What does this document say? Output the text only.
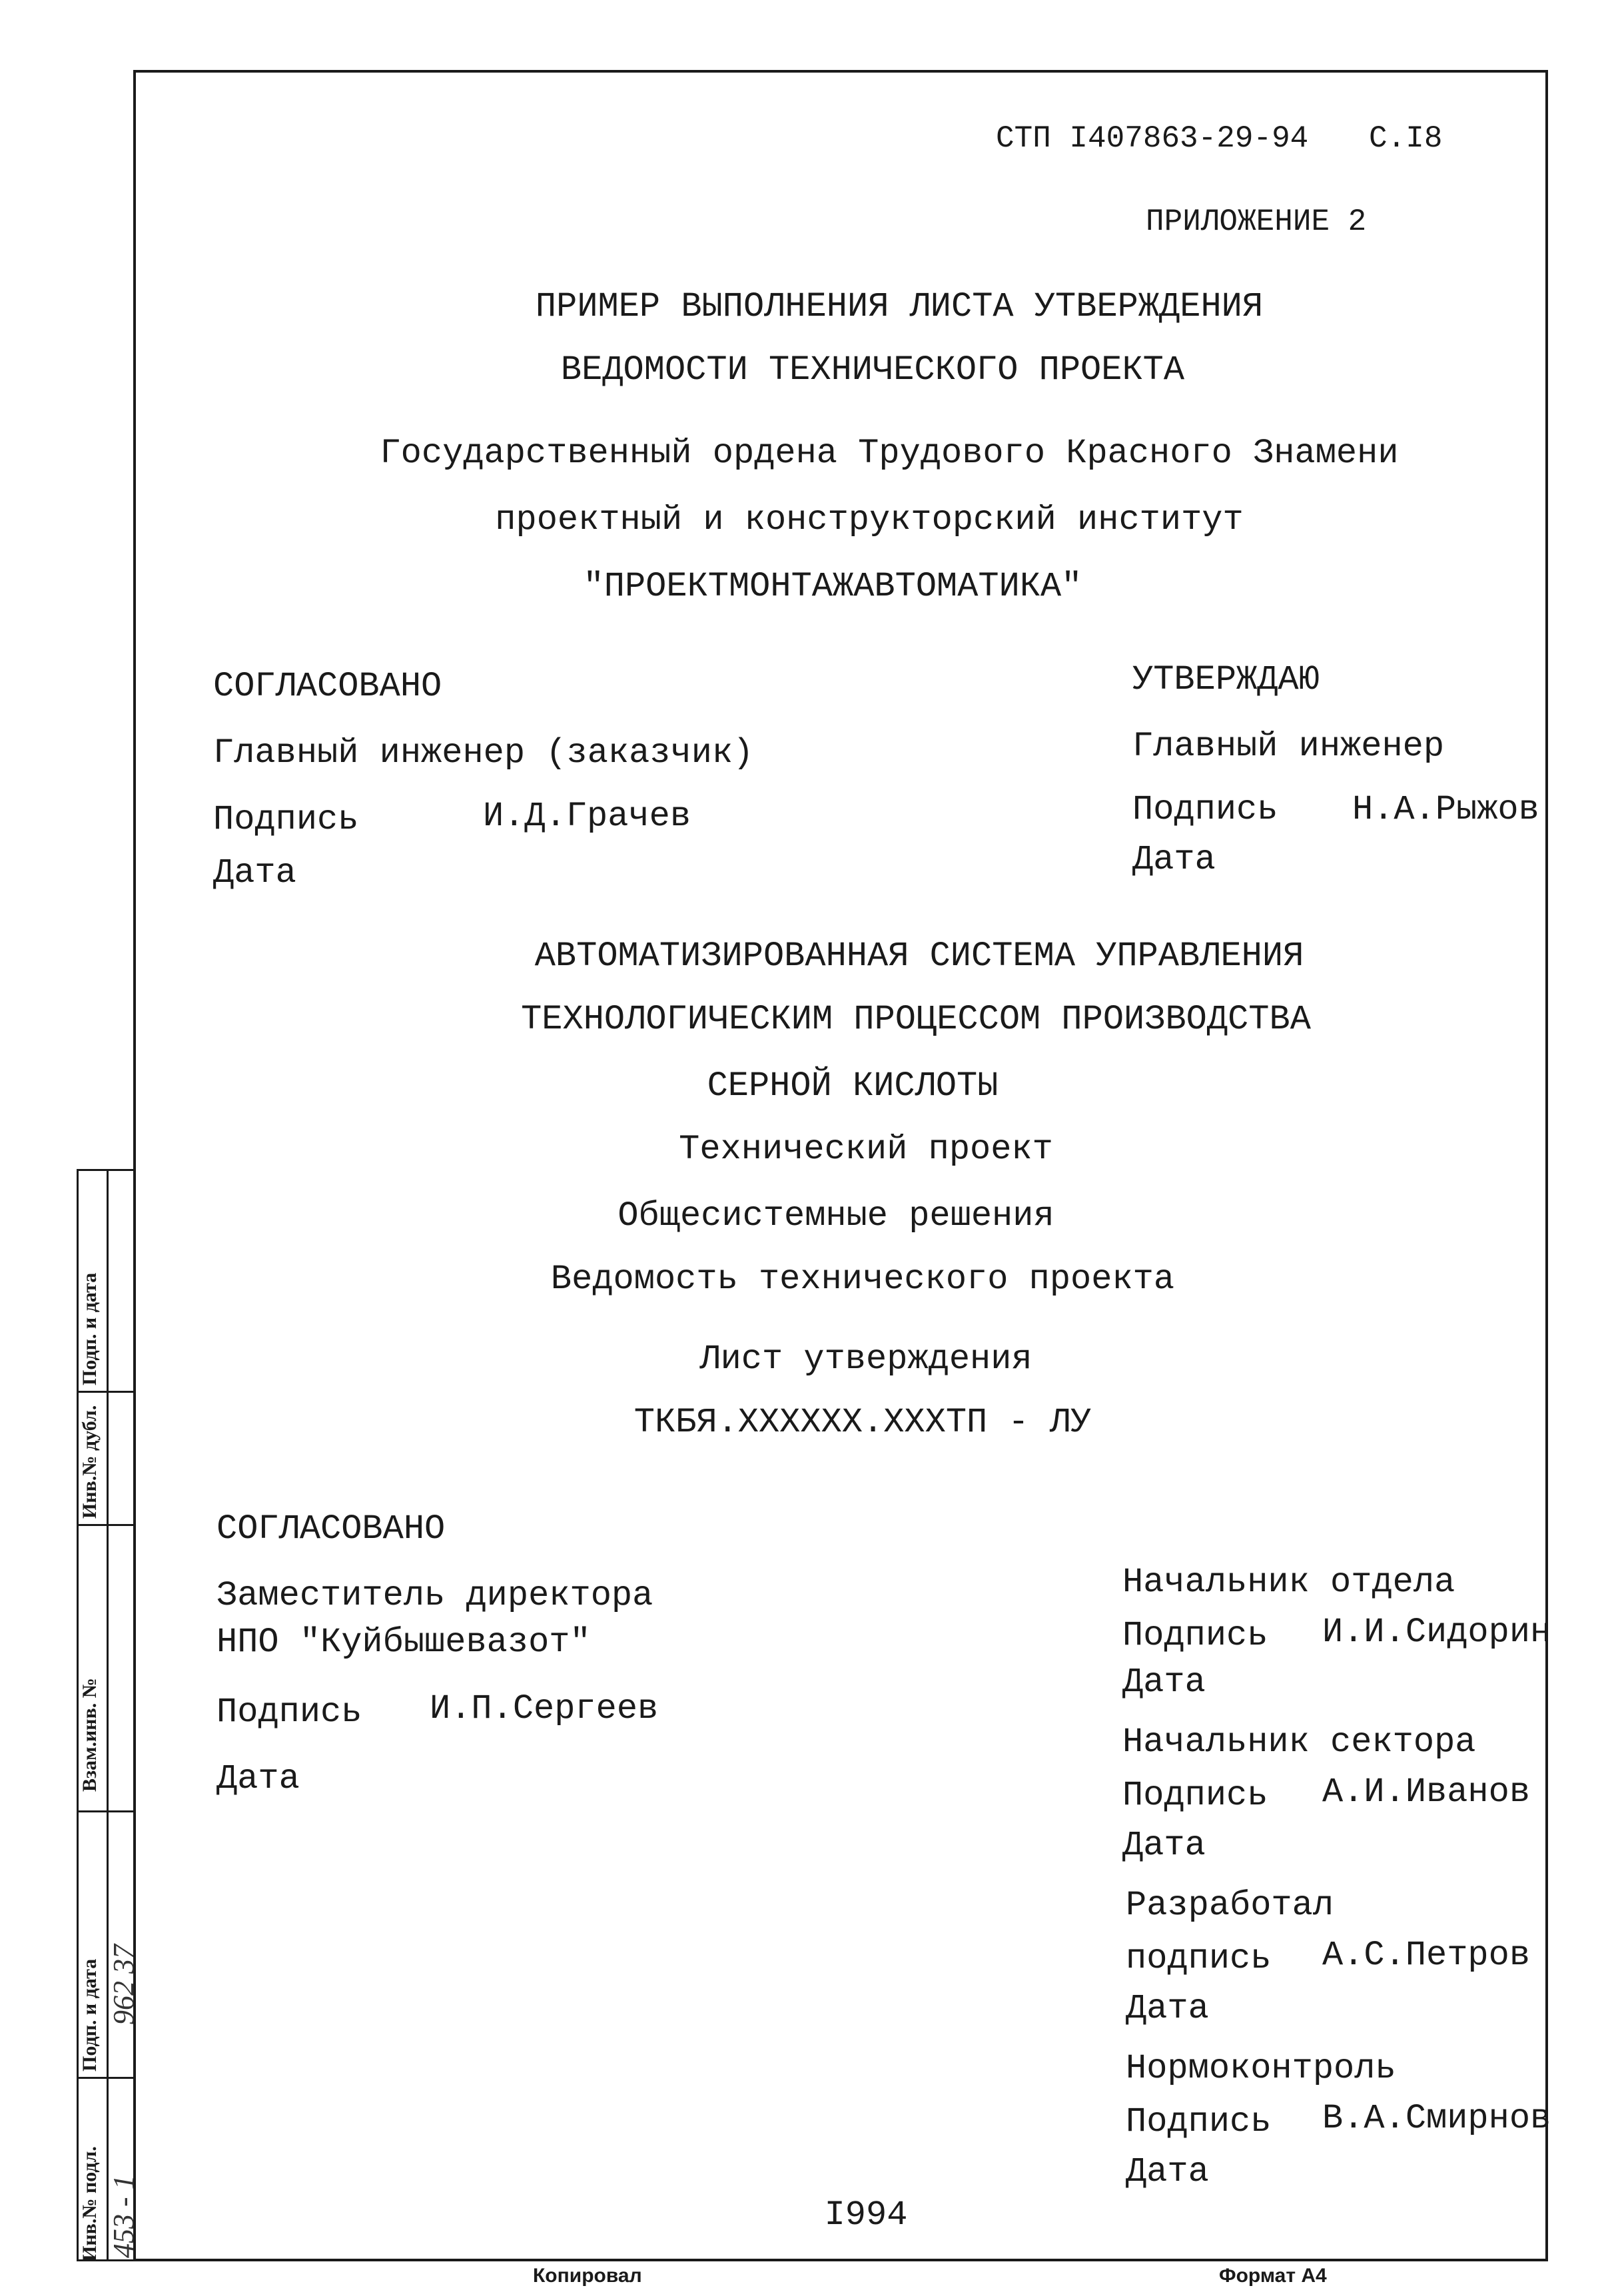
СТП I407863-29-94 С.I8
ПРИЛОЖЕНИЕ 2
ПРИМЕР ВЫПОЛНЕНИЯ ЛИСТА УТВЕРЖДЕНИЯ
ВЕДОМОСТИ ТЕХНИЧЕСКОГО ПРОЕКТА
Государственный ордена Трудового Красного Знамени
проектный и конструкторский институт
"ПРОЕКТМОНТАЖАВТОМАТИКА"
СОГЛАСОВАНО
Главный инженер (заказчик)
Подпись	И.Д.Грачев
Дата
УТВЕРЖДАЮ
Главный инженер
Подпись Н.А.Рыжов
Дата
АВТОМАТИЗИРОВАННАЯ СИСТЕМА УПРАВЛЕНИЯ
ТЕХНОЛОГИЧЕСКИМ ПРОЦЕССОМ ПРОИЗВОДСТВА
СЕРНОЙ КИСЛОТЫ
Технический проект
Общесистемные решения
Ведомость технического проекта
Лист утверждения
ТКБЯ.XXXXXX.XXXТП - ЛУ
СОГЛАСОВАНО
Заместитель директора
НПО "Куйбышевазот"
Подпись И.П.Сергеев
Дата
Начальник отдела
Подпись И.И.Сидорин
Дата
Начальник сектора
Подпись А.И.Иванов
Дата
Разработал
подпись А.С.Петров
Дата
Нормоконтроль
Подпись В.А.Смирнов
Дата
I994
Инв.№ подл.
Подп. и дата
Взам.инв. №
Инв.№ дубл.
Подп. и дата
453 - 1
962 37
Копировал	Формат А4
